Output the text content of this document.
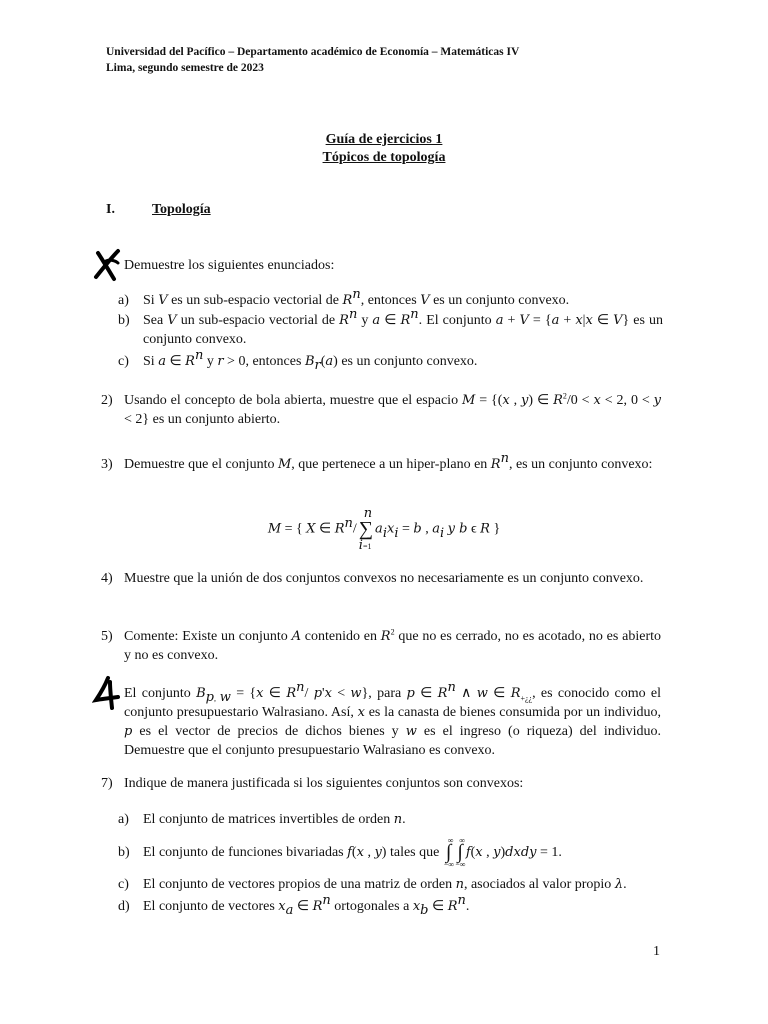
Universidad del Pacífico – Departamento académico de Economía – Matemáticas IV
Lima, segundo semestre de 2023
Guía de ejercicios 1
Tópicos de topología
I.	Topología
Demuestre los siguientes enunciados:
a) Si V es un sub-espacio vectorial de $R^n$, entonces V es un conjunto convexo.
b) Sea V un sub-espacio vectorial de $R^n$ y a ∈ $R^n$. El conjunto a + V = {a + x|x ∈ V} es un conjunto convexo.
c) Si a ∈ $R^n$ y r > 0, entonces $B_r(a)$ es un conjunto convexo.
2) Usando el concepto de bola abierta, muestre que el espacio M = {(x , y) ∈ $R^2/0 < x < 2$, 0 < y < 2} es un conjunto abierto.
3) Demuestre que el conjunto M, que pertenece a un hiper-plano en $R^n$, es un conjunto convexo:
M = { X ∈ $R^n/$ ∑
n
i=1
$a_ix_i = b$ , $a_i$ y b ϵ R }
4) Muestre que la unión de dos conjuntos convexos no necesariamente es un conjunto convexo.
5) Comente: Existe un conjunto A contenido en $R^2$ que no es cerrado, no es acotado, no es abierto y no es convexo.
El conjunto $B_{p, w} = \{x$ ∈ $R^n/$ p'x < w}, para p ∈ $R^n$ ∧ w ∈ $R_{+¿¿}$, es conocido como el conjunto presupuestario Walrasiano. Así, x es la canasta de bienes consumida por un individuo, p es el vector de precios de dichos bienes y w es el ingreso (o riqueza) del individuo. Demuestre que el conjunto presupuestario Walrasiano es convexo.
7) Indique de manera justificada si los siguientes conjuntos son convexos:
a) El conjunto de matrices invertibles de orden n.
b) El conjunto de funciones bivariadas f(x , y) tales que ∫
∞
−∞
∫
∞
−∞
f(x , y)dxdy = 1.
c) El conjunto de vectores propios de una matriz de orden n, asociados al valor propio λ.
d) El conjunto de vectores $x_a$ ∈ $R^n$ ortogonales a $x_b$ ∈ $R^n$.
1
